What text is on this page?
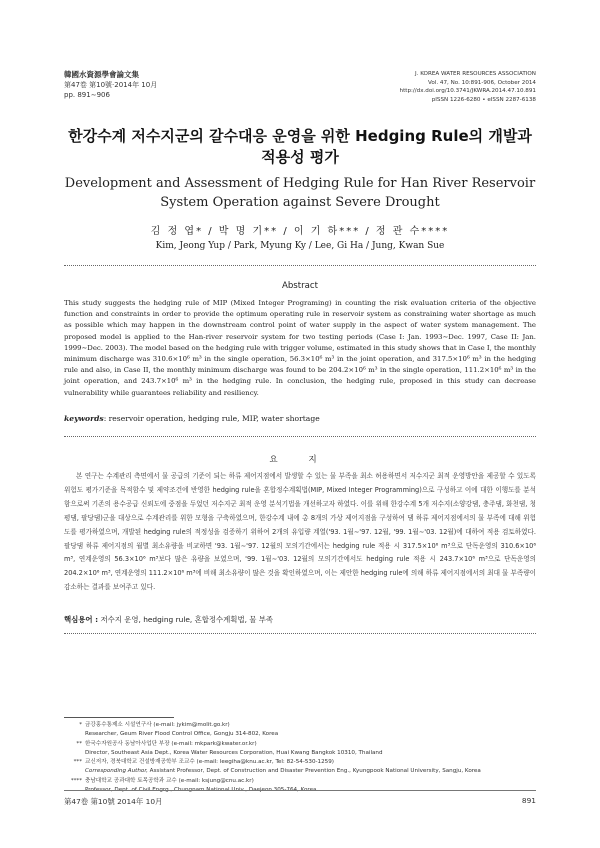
韓國水資源學會論文集
第47卷 第10號·2014年 10月
pp. 891∼906
J. KOREA WATER RESOURCES ASSOCIATION
Vol. 47, No. 10:891-906, October 2014
http://dx.doi.org/10.3741/JKWRA.2014.47.10.891
pISSN 1226-6280 • eISSN 2287-6138
한강수계 저수지군의 갈수대응 운영을 위한 Hedging Rule의 개발과 적용성 평가
Development and Assessment of Hedging Rule for Han River Reservoir System Operation against Severe Drought
김 정 엽* / 박 명 기** / 이 기 하*** / 정 관 수****
Kim, Jeong Yup / Park, Myung Ky / Lee, Gi Ha / Jung, Kwan Sue
Abstract
This study suggests the hedging rule of MIP (Mixed Integer Programing) in counting the risk evaluation criteria of the objective function and constraints in order to provide the optimum operating rule in reservoir system as constraining water shortage as much as possible which may happen in the downstream control point of water supply in the aspect of water system management. The proposed model is applied to the Han-river reservoir system for two testing periods (Case I: Jan. 1993∼Dec. 1997, Case II: Jan. 1999∼Dec. 2003). The model based on the hedging rule with trigger volume, estimated in this study shows that in Case I, the monthly minimum discharge was 310.6×10⁶ m³ in the single operation, 56.3×10⁶ m³ in the joint operation, and 317.5×10⁶ m³ in the hedging rule and also, in Case II, the monthly minimum discharge was found to be 204.2×10⁶ m³ in the single operation, 111.2×10⁶ m³ in the joint operation, and 243.7×10⁶ m³ in the hedging rule. In conclusion, the hedging rule, proposed in this study can decrease vulnerability while guarantees reliability and resiliency.
keywords: reservoir operation, hedging rule, MIP, water shortage
요 지

본 연구는 수계관리 측면에서 물 공급의 기준이 되는 하류 제어지점에서 발생할 수 있는 물 부족을 최소 허용하면서 저수지군 최적 운영방안을 제공할 수 있도록 위험도 평가기준을 목적함수 및 제약조건에 반영한 hedging rule을 혼합정수계획법(MIP, Mixed Integer Programming)으로 구성하고 이에 대한 이행도를 분석함으로써 기존의 용수공급 신뢰도에 중점을 두었던 저수지군 최적 운영 분석기법을 개선하고자 하였다. 이를 위해 한강수계 5개 저수지(소양강댐, 충주댐, 화천댐, 청평댐, 팔당댐)군을 대상으로 수계관리를 위한 모형을 구축하였으며, 한강수계 내에 총 8개의 가상 제어지점을 구성하여 댐 하류 제어지점에서의 물 부족에 대해 위험도를 평가하였으며, 개발된 hedging rule의 적정성을 검증하기 위하여 2개의 유입량 계열('93. 1월∼'97. 12월, '99. 1월∼'03. 12월)에 대하여 적용 검토하였다. 팔당댐 하류 제어지점의 월별 최소유량을 비교하면 '93. 1월∼'97. 12월의 모의기간에서는 hedging rule 적용 시 317.5×10⁶ m³으로 단독운영의 310.6×10⁶ m³, 연계운영의 56.3×10⁶ m³보다 많은 유량을 보였으며, '99. 1월∼'03. 12월의 모의기간에서도 hedging rule 적용 시 243.7×10⁶ m³으로 단독운영의 204.2×10⁶ m³, 연계운영의 111.2×10⁶ m³에 비해 최소유량이 많은 것을 확인하였으며, 이는 제안한 hedging rule에 의해 하류 제어지점에서의 최대 물 부족량이 감소하는 결과를 보여주고 있다.

핵심용어 : 저수지 운영, hedging rule, 혼합정수계획법, 물 부족
* 금강홍수통제소 시설연구사 (e-mail: jykim@molit.go.kr)
Researcher, Geum River Flood Control Office, Gongju 314-802, Korea
** 한국수자원공사 동남아사업단 부장 (e-mail: mkpark@kwater.or.kr)
Director, Southeast Asia Dept., Korea Water Resources Corporation, Huai Kwang Bangkok 10310, Thailand
*** 교신저자, 경북대학교 건설방재공학부 조교수 (e-mail: leegiha@knu.ac.kr, Tel: 82-54-530-1259)
Corresponding Author, Assistant Professor, Dept. of Construction and Disaster Prevention Eng., Kyungpook National University, Sangju, Korea
**** 충남대학교 공과대학 토목공학과 교수 (e-mail: ksjung@cnu.ac.kr)
Professor, Dept. of Civil Engrg., Chungnam National Univ., Daejeon 305-764, Korea
第47卷 第10號 2014年 10月	891
